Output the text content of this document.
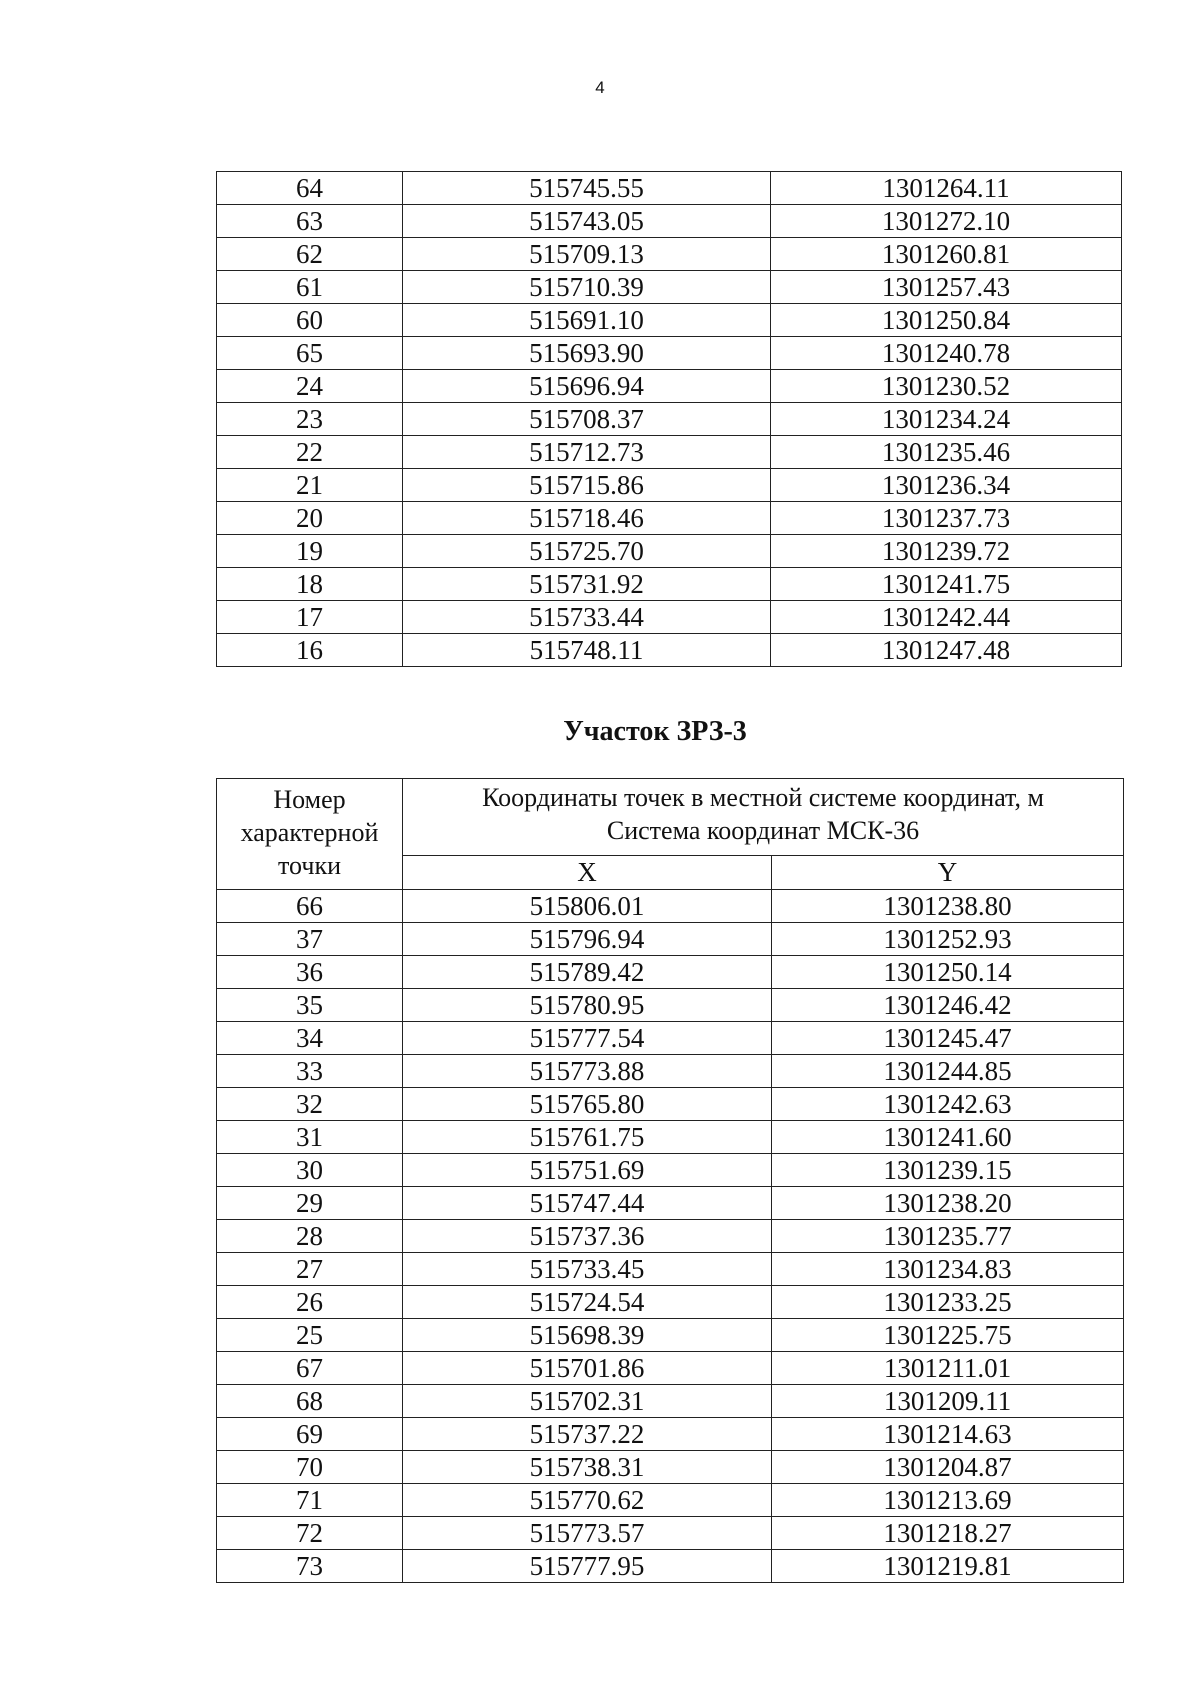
4
64	515745.55	1301264.11
63	515743.05	1301272.10
62	515709.13	1301260.81
61	515710.39	1301257.43
60	515691.10	1301250.84
65	515693.90	1301240.78
24	515696.94	1301230.52
23	515708.37	1301234.24
22	515712.73	1301235.46
21	515715.86	1301236.34
20	515718.46	1301237.73
19	515725.70	1301239.72
18	515731.92	1301241.75
17	515733.44	1301242.44
16	515748.11	1301247.48
Участок ЗРЗ-3
Номер
характерной
точки	Координаты точек в местной системе координат, м
Система координат МСК-36	

	X	Y
66	515806.01	1301238.80
37	515796.94	1301252.93
36	515789.42	1301250.14
35	515780.95	1301246.42
34	515777.54	1301245.47
33	515773.88	1301244.85
32	515765.80	1301242.63
31	515761.75	1301241.60
30	515751.69	1301239.15
29	515747.44	1301238.20
28	515737.36	1301235.77
27	515733.45	1301234.83
26	515724.54	1301233.25
25	515698.39	1301225.75
67	515701.86	1301211.01
68	515702.31	1301209.11
69	515737.22	1301214.63
70	515738.31	1301204.87
71	515770.62	1301213.69
72	515773.57	1301218.27
73	515777.95	1301219.81
